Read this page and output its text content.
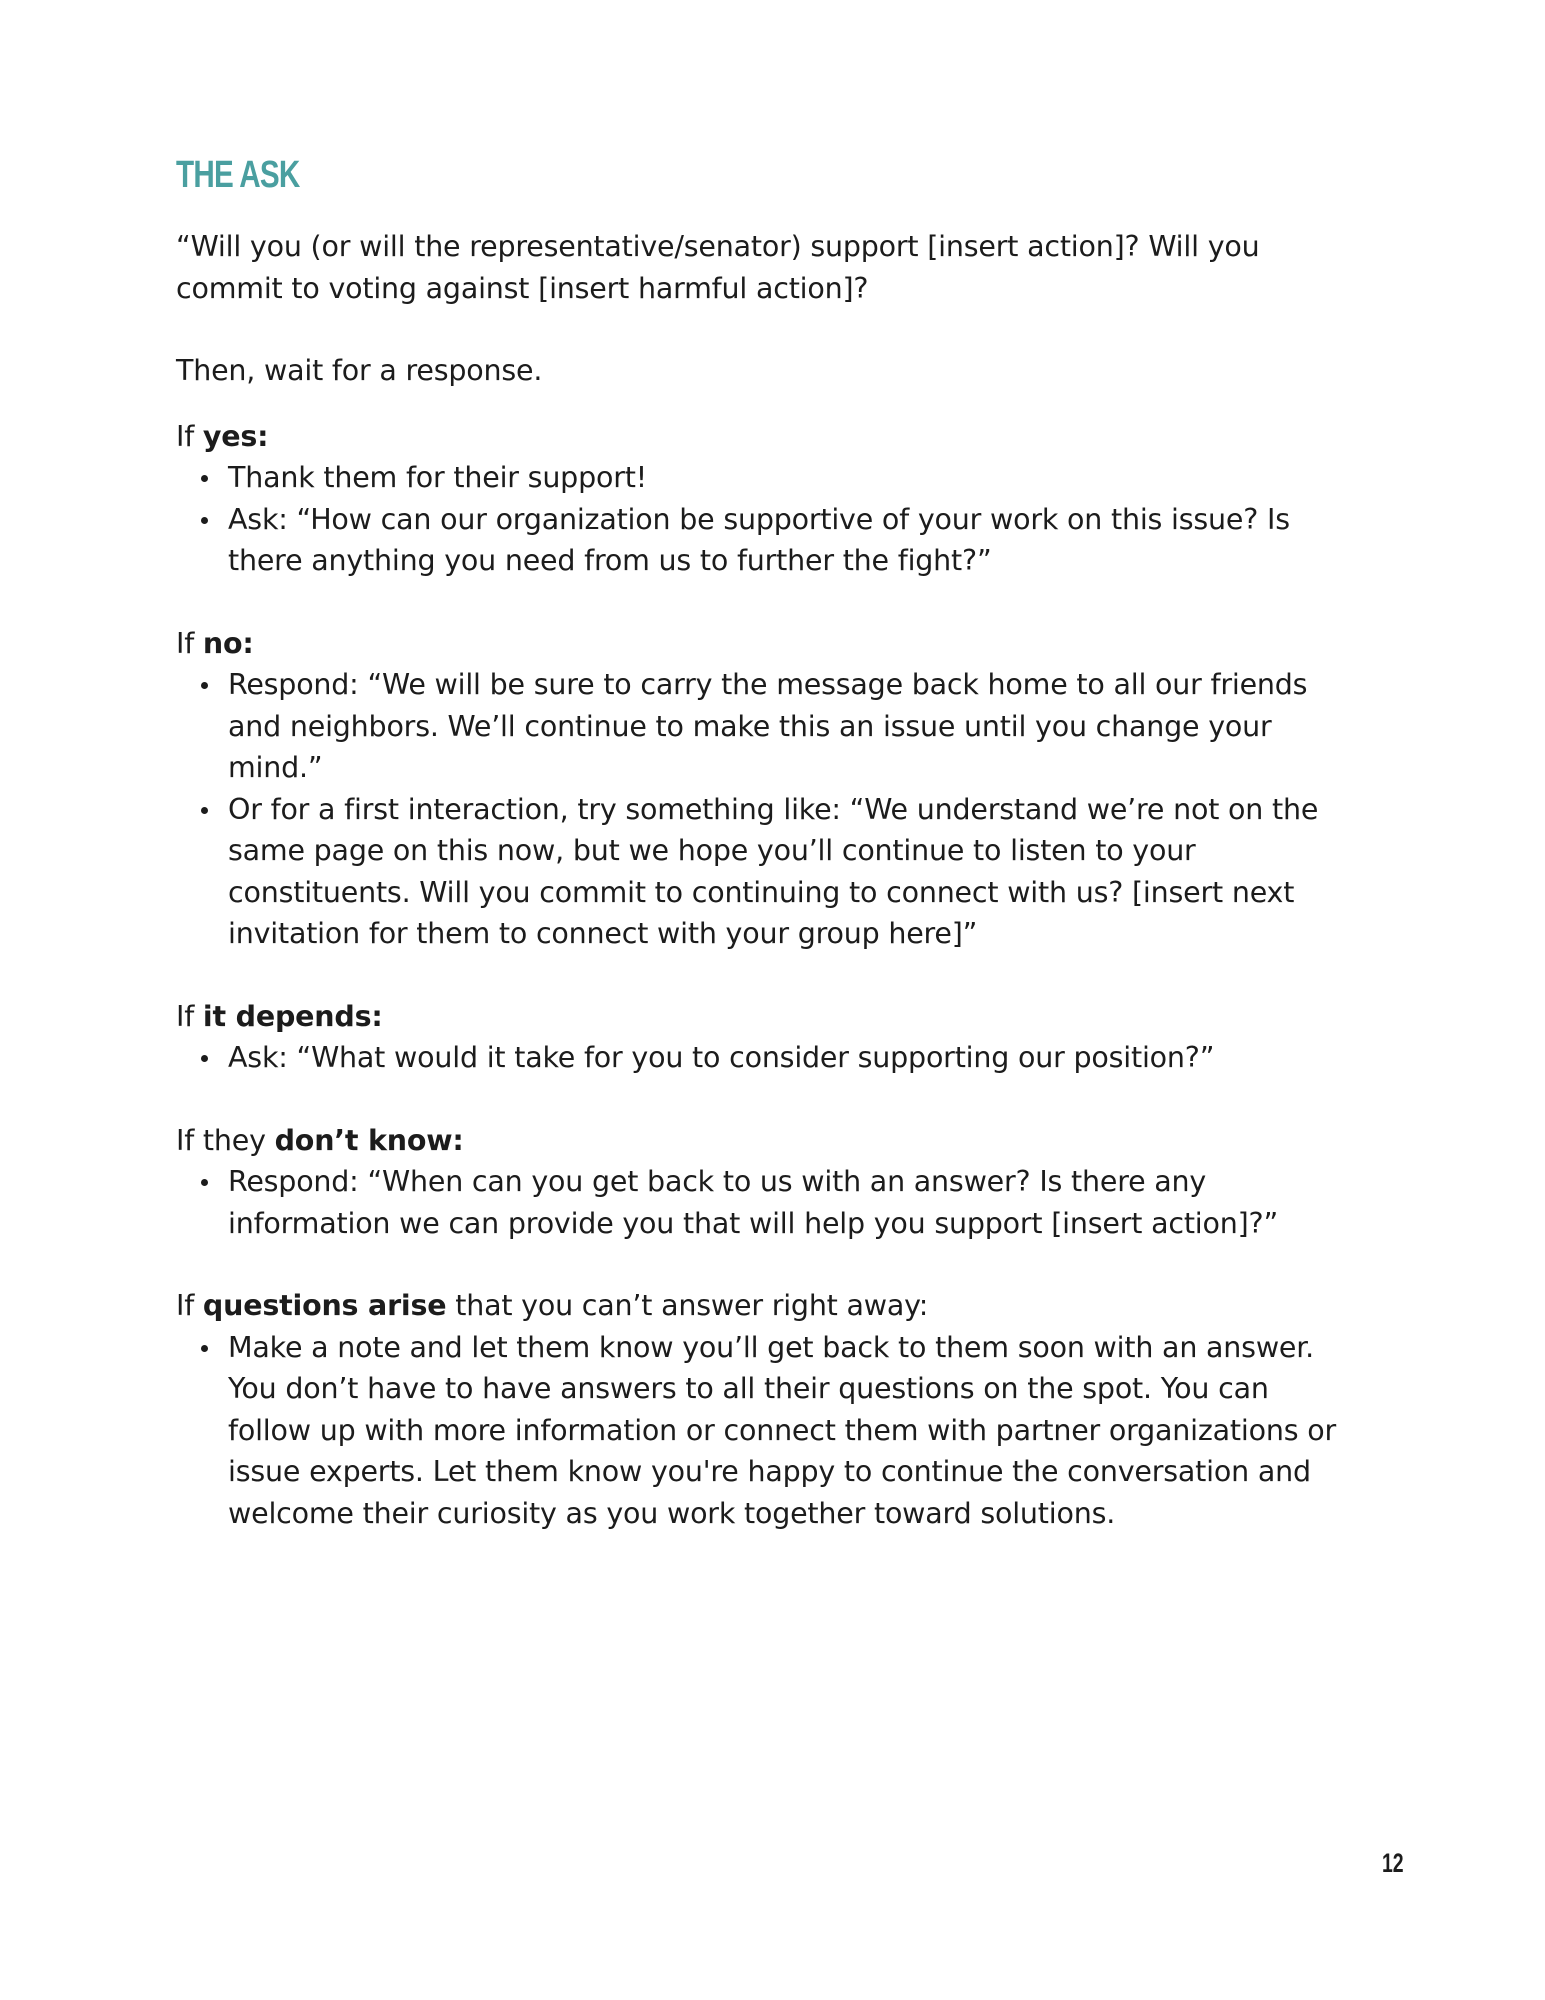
THE ASK

“Will you (or will the representative/senator) support [insert action]? Will you commit to voting against [insert harmful action]?

Then, wait for a response.

If yes:

Thank them for their support!
Ask: “How can our organization be supportive of your work on this issue? Is there anything you need from us to further the fight?”

If no:

Respond: “We will be sure to carry the message back home to all our friends and neighbors. We’ll continue to make this an issue until you change your mind.”
Or for a first interaction, try something like: “We understand we’re not on the same page on this now, but we hope you’ll continue to listen to your constituents. Will you commit to continuing to connect with us? [insert next invitation for them to connect with your group here]”

If it depends:

Ask: “What would it take for you to consider supporting our position?”

If they don’t know:

Respond: “When can you get back to us with an answer? Is there any information we can provide you that will help you support [insert action]?”

If questions arise that you can’t answer right away:

Make a note and let them know you’ll get back to them soon with an answer. You don’t have to have answers to all their questions on the spot. You can follow up with more information or connect them with partner organizations or issue experts. Let them know you're happy to continue the conversation and welcome their curiosity as you work together toward solutions.
12
